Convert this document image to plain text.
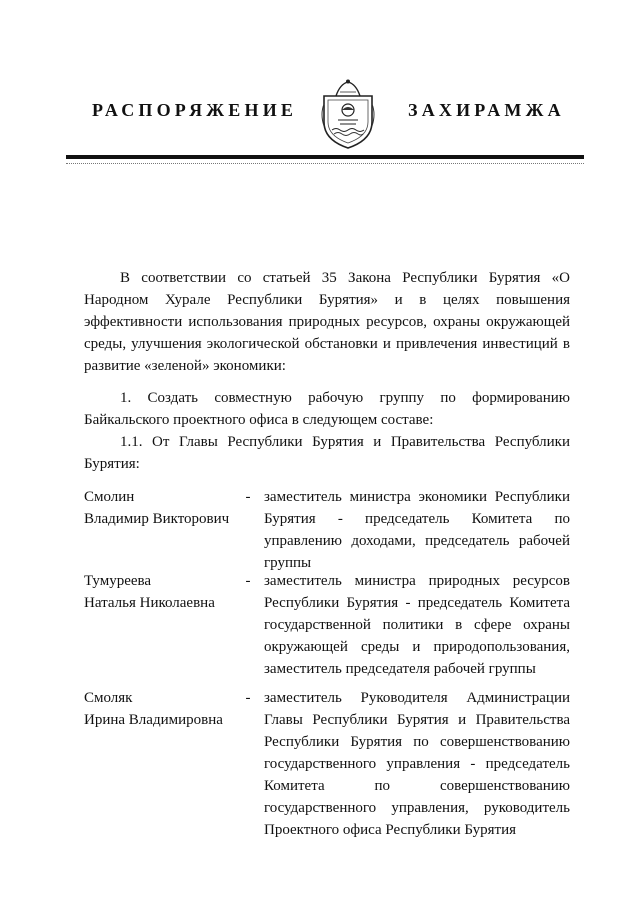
РАСПОРЯЖЕНИЕ	ЗАХИРАМЖА

В соответствии со статьей 35 Закона Республики Бурятия «О Народном Хурале Республики Бурятия» и в целях повышения эффективности использования природных ресурсов, охраны окружающей среды, улучшения экологической обстановки и привлечения инвестиций в развитие «зеленой» экономики:

1. Создать совместную рабочую группу по формированию Байкальского проектного офиса в следующем составе:

1.1. От Главы Республики Бурятия и Правительства Республики Бурятия:

Смолин
Владимир Викторович
- заместитель министра экономики Республики Бурятия - председатель Комитета по управлению доходами, председатель рабочей группы
Тумуреева
Наталья Николаевна
- заместитель министра природных ресурсов Республики Бурятия - председатель Комитета государственной политики в сфере охраны окружающей среды и природопользования, заместитель председателя рабочей группы
Смоляк
Ирина Владимировна
- заместитель Руководителя Администрации Главы Республики Бурятия и Правительства Республики Бурятия по совершенствованию государственного управления - председатель Комитета по совершенствованию государственного управления, руководитель Проектного офиса Республики Бурятия
